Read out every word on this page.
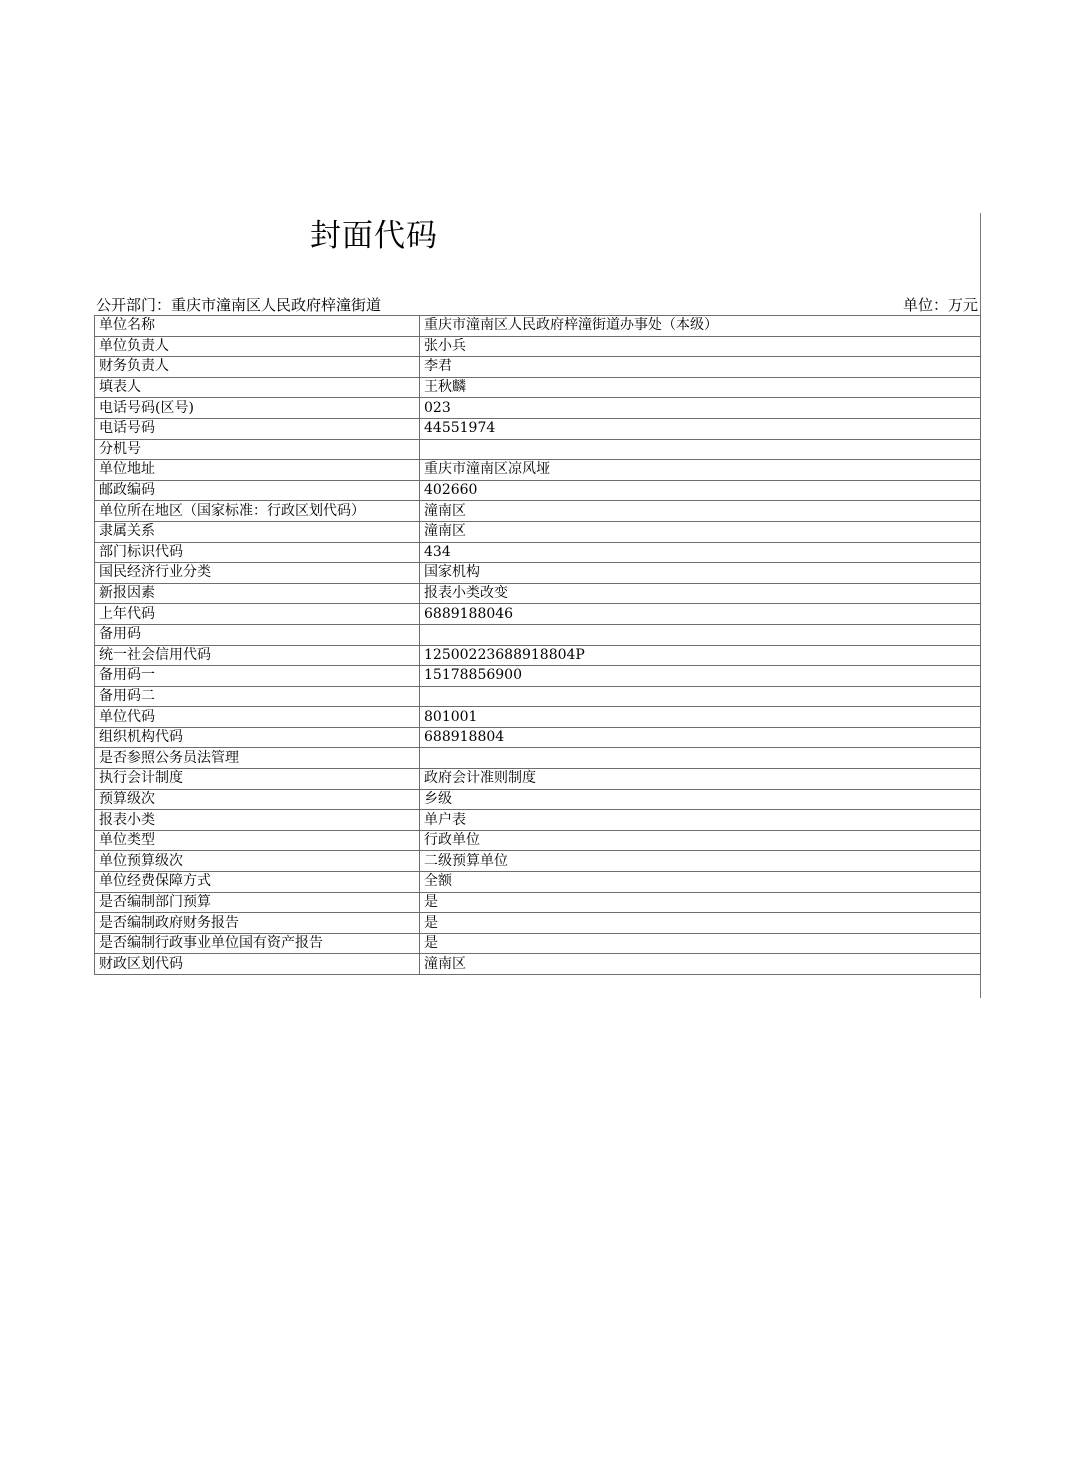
封面代码
公开部门：重庆市潼南区人民政府梓潼街道	单位：万元
单位名称	重庆市潼南区人民政府梓潼街道办事处（本级）
单位负责人	张小兵
财务负责人	李君
填表人	王秋麟
电话号码(区号)	023
电话号码	44551974
分机号	
单位地址	重庆市潼南区凉风垭
邮政编码	402660
单位所在地区（国家标准：行政区划代码）	潼南区
隶属关系	潼南区
部门标识代码	434
国民经济行业分类	国家机构
新报因素	报表小类改变
上年代码	6889188046
备用码	
统一社会信用代码	12500223688918804P
备用码一	15178856900
备用码二	
单位代码	801001
组织机构代码	688918804
是否参照公务员法管理	
执行会计制度	政府会计准则制度
预算级次	乡级
报表小类	单户表
单位类型	行政单位
单位预算级次	二级预算单位
单位经费保障方式	全额
是否编制部门预算	是
是否编制政府财务报告	是
是否编制行政事业单位国有资产报告	是
财政区划代码	潼南区
